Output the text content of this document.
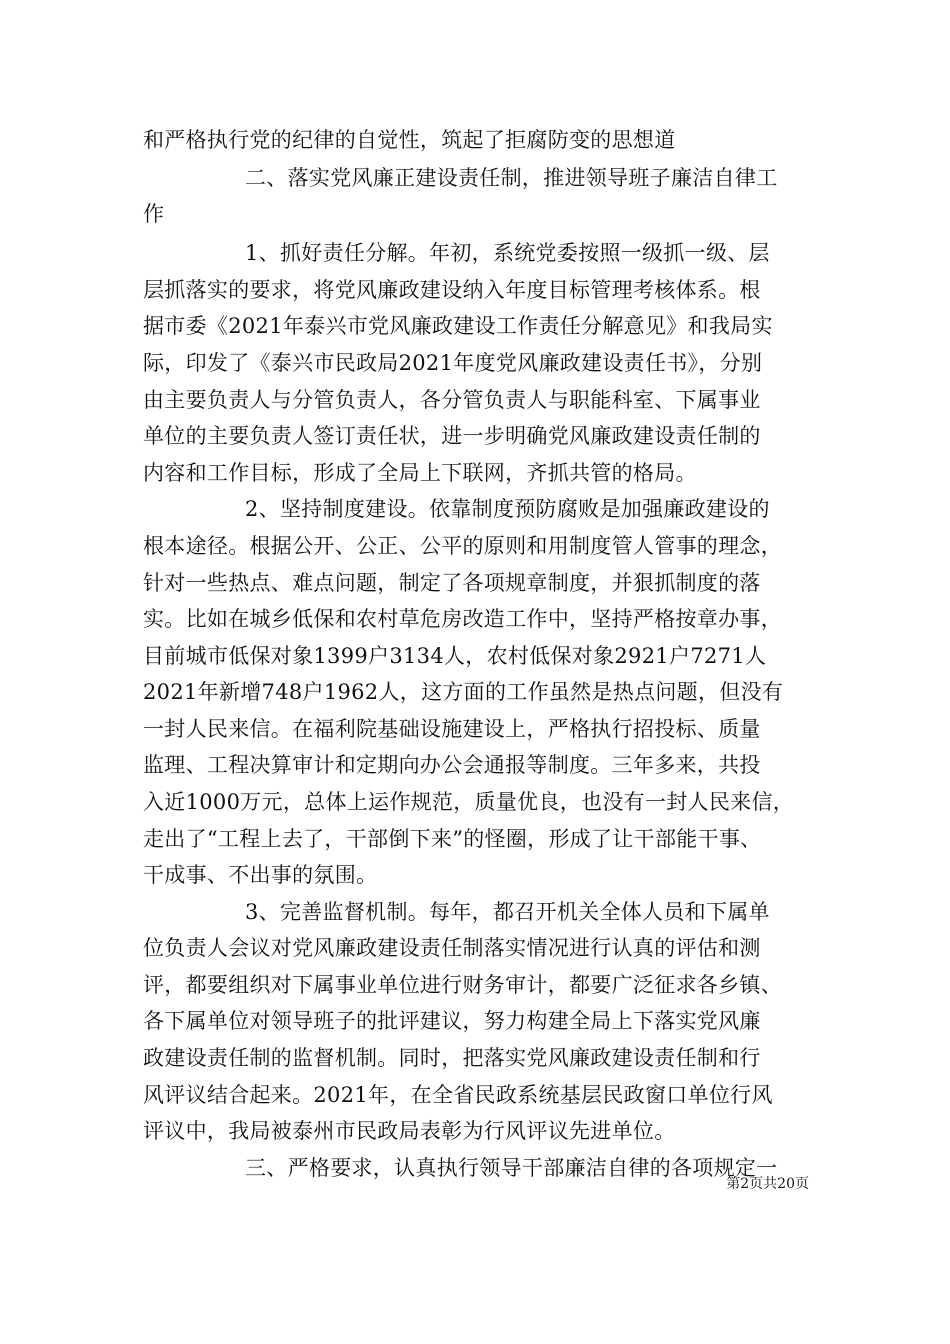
和严格执行党的纪律的自觉性，筑起了拒腐防变的思想道
二、落实党风廉正建设责任制，推进领导班子廉洁自律工
作
1、抓好责任分解。年初，系统党委按照一级抓一级、层
层抓落实的要求，将党风廉政建设纳入年度目标管理考核体系。根
据市委《2021年泰兴市党风廉政建设工作责任分解意见》和我局实
际，印发了《泰兴市民政局2021年度党风廉政建设责任书》，分别
由主要负责人与分管负责人，各分管负责人与职能科室、下属事业
单位的主要负责人签订责任状，进一步明确党风廉政建设责任制的
内容和工作目标，形成了全局上下联网，齐抓共管的格局。
2、坚持制度建设。依靠制度预防腐败是加强廉政建设的
根本途径。根据公开、公正、公平的原则和用制度管人管事的理念，
针对一些热点、难点问题，制定了各项规章制度，并狠抓制度的落
实。比如在城乡低保和农村草危房改造工作中，坚持严格按章办事，
目前城市低保对象1399户3134人，农村低保对象2921户7271人
2021年新增748户1962人，这方面的工作虽然是热点问题，但没有
一封人民来信。在福利院基础设施建设上，严格执行招投标、质量
监理、工程决算审计和定期向办公会通报等制度。三年多来，共投
入近1000万元，总体上运作规范，质量优良，也没有一封人民来信，
走出了“工程上去了，干部倒下来”的怪圈，形成了让干部能干事、
干成事、不出事的氛围。
3、完善监督机制。每年，都召开机关全体人员和下属单
位负责人会议对党风廉政建设责任制落实情况进行认真的评估和测
评，都要组织对下属事业单位进行财务审计，都要广泛征求各乡镇、
各下属单位对领导班子的批评建议，努力构建全局上下落实党风廉
政建设责任制的监督机制。同时，把落实党风廉政建设责任制和行
风评议结合起来。2021年，在全省民政系统基层民政窗口单位行风
评议中，我局被泰州市民政局表彰为行风评议先进单位。
三、严格要求，认真执行领导干部廉洁自律的各项规定一
第2页共20页
